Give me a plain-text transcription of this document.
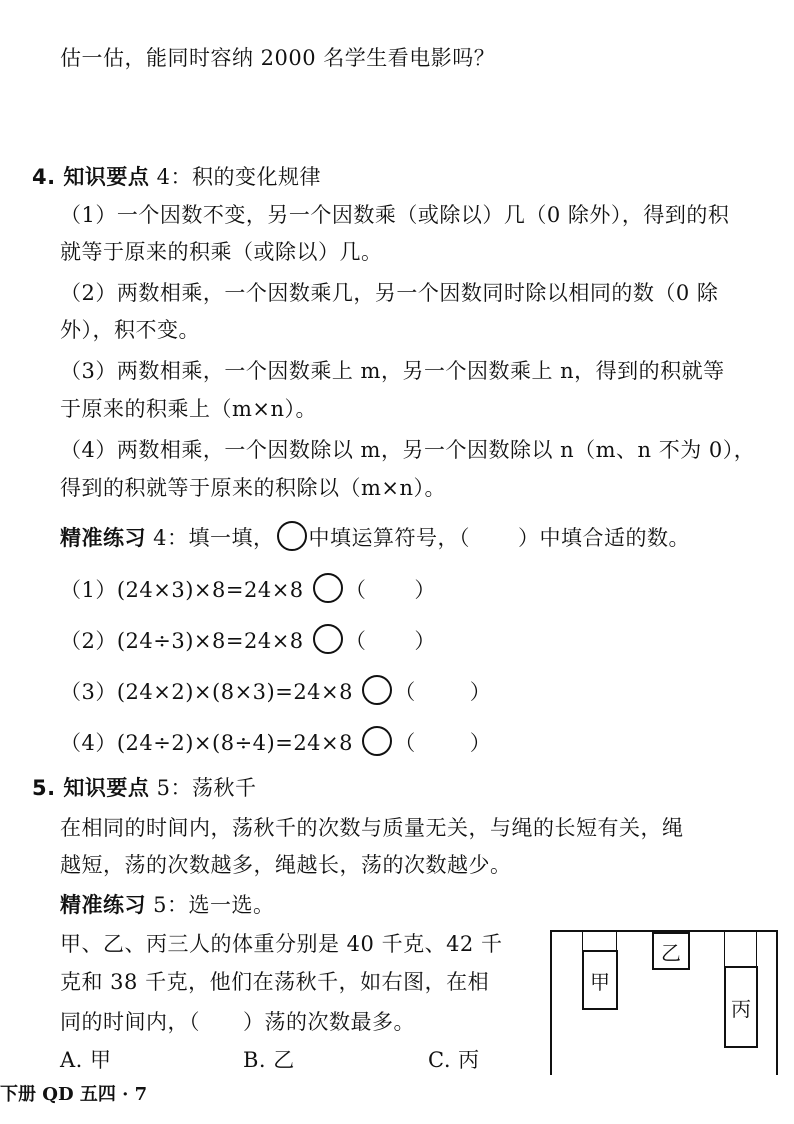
估一估，能同时容纳 2000 名学生看电影吗？
4. 知识要点 4：积的变化规律
（1）一个因数不变，另一个因数乘（或除以）几（0 除外），得到的积
就等于原来的积乘（或除以）几。
（2）两数相乘，一个因数乘几，另一个因数同时除以相同的数（0 除
外），积不变。
（3）两数相乘，一个因数乘上 m，另一个因数乘上 n，得到的积就等
于原来的积乘上（m×n）。
（4）两数相乘，一个因数除以 m，另一个因数除以 n（m、n 不为 0），
得到的积就等于原来的积除以（m×n）。
精准练习 4：填一填， 中填运算符号，（ ）中填合适的数。
（1）(24×3)×8=24×8 （ ）
（2）(24÷3)×8=24×8 （ ）
（3）(24×2)×(8×3)=24×8 （	）
（4）(24÷2)×(8÷4)=24×8 （	）
5. 知识要点 5：荡秋千
在相同的时间内，荡秋千的次数与质量无关，与绳的长短有关，绳
越短，荡的次数越多，绳越长，荡的次数越少。
精准练习 5：选一选。
甲、乙、丙三人的体重分别是 40 千克、42 千
克和 38 千克，他们在荡秋千，如右图，在相
同的时间内，（　　）荡的次数最多。
A. 甲	B. 乙	C. 丙
甲
乙
丙
下册 QD 五四 · 7
